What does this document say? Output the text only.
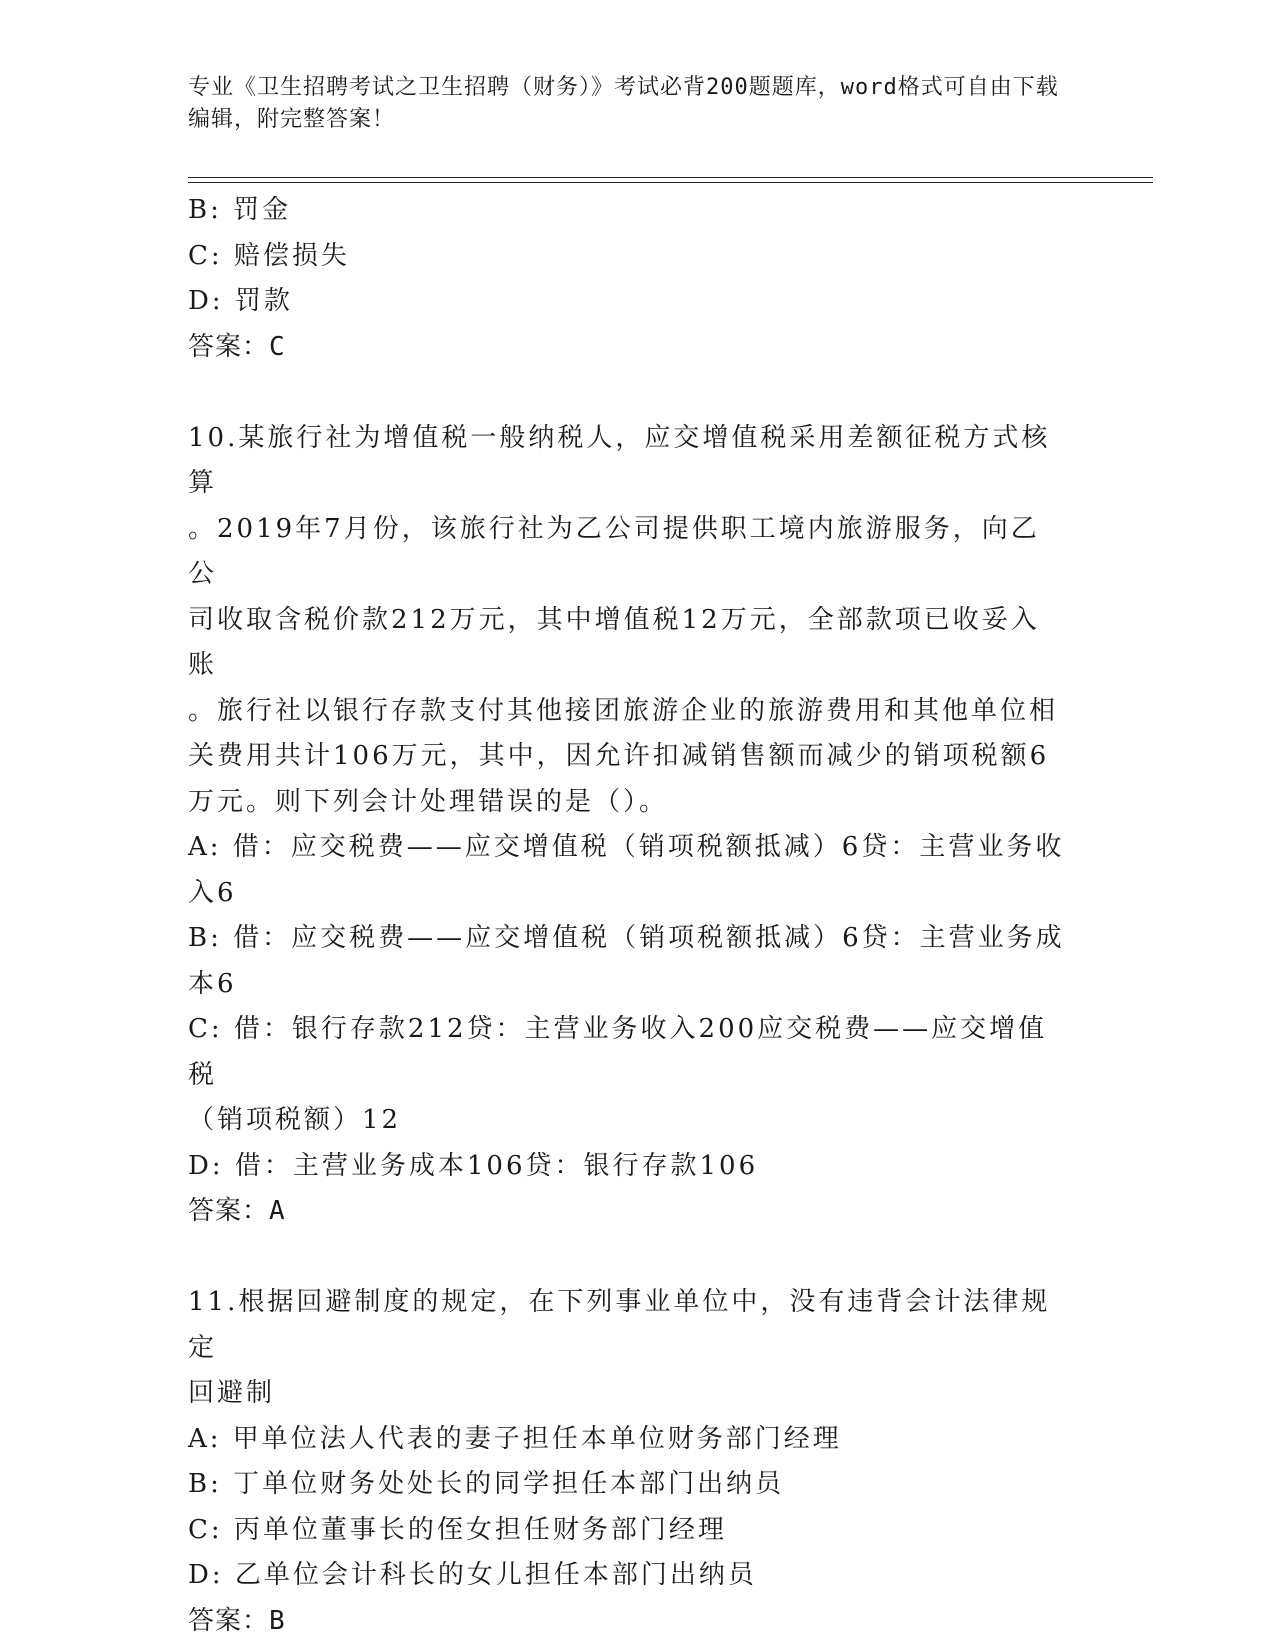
专业《卫生招聘考试之卫生招聘（财务）》考试必背200题题库，word格式可自由下载编辑，附完整答案！

B: 罚金

C: 赔偿损失

D: 罚款

答案：C

10.某旅行社为增值税一般纳税人，应交增值税采用差额征税方式核算

。2019年7月份，该旅行社为乙公司提供职工境内旅游服务，向乙公

司收取含税价款212万元，其中增值税12万元，全部款项已收妥入账

。旅行社以银行存款支付其他接团旅游企业的旅游费用和其他单位相

关费用共计106万元，其中，因允许扣减销售额而减少的销项税额6

万元。则下列会计处理错误的是（）。

A: 借：应交税费——应交增值税（销项税额抵减）6贷：主营业务收

入6

B: 借：应交税费——应交增值税（销项税额抵减）6贷：主营业务成

本6

C: 借：银行存款212贷：主营业务收入200应交税费——应交增值税

（销项税额）12

D: 借：主营业务成本106贷：银行存款106

答案：A

11.根据回避制度的规定，在下列事业单位中，没有违背会计法律规定

回避制

A: 甲单位法人代表的妻子担任本单位财务部门经理

B: 丁单位财务处处长的同学担任本部门出纳员

C: 丙单位董事长的侄女担任财务部门经理

D: 乙单位会计科长的女儿担任本部门出纳员

答案：B
